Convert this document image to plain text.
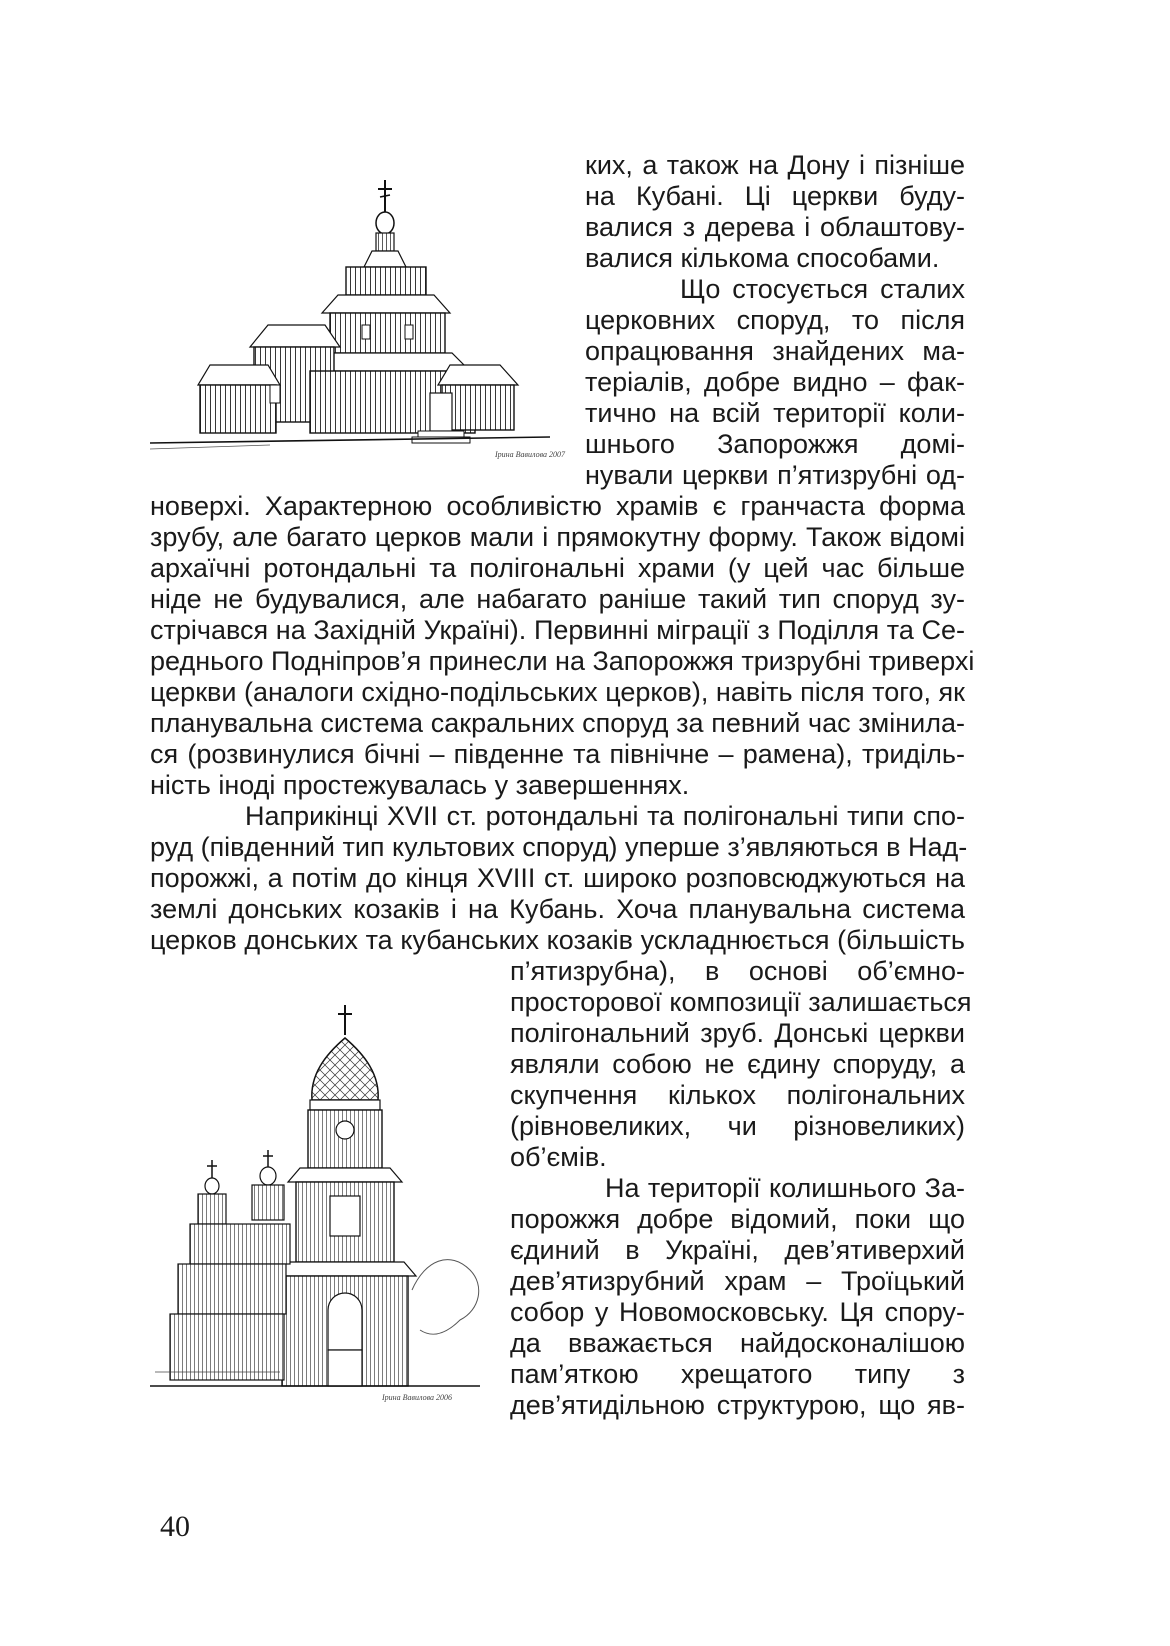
Ірина Вавилова 2007
Ірина Вавилова 2006
ких, а також на Дону і пізніше
на Кубані. Ці церкви буду-
валися з дерева і облаштову-
валися кількома способами.
Що стосується сталих
церковних споруд, то після
опрацювання знайдених ма-
теріалів, добре видно – фак-
тично на всій території коли-
шнього Запорожжя домі-
нували церкви п’ятизрубні од-
новерхі. Характерною особливістю храмів є гранчаста форма
зрубу, але багато церков мали і прямокутну форму. Також відомі
архаїчні ротондальні та полігональні храми (у цей час більше
ніде не будувалися, але набагато раніше такий тип споруд зу-
стрічався на Західній Україні). Первинні міграції з Поділля та Се-
реднього Подніпров’я принесли на Запорожжя тризрубні триверхі
церкви (аналоги східно-подільських церков), навіть після того, як
планувальна система сакральних споруд за певний час змінила-
ся (розвинулися бічні – південне та північне – рамена), триділь-
ність іноді простежувалась у завершеннях.
Наприкінці XVII ст. ротондальні та полігональні типи спо-
руд (південний тип культових споруд) уперше з’являються в Над-
порожжі, а потім до кінця XVIII ст. широко розповсюджуються на
землі донських козаків і на Кубань. Хоча планувальна система
церков донських та кубанських козаків ускладнюється (більшість
п’ятизрубна), в основі об’ємно-
просторової композиції залишається
полігональний зруб. Донські церкви
являли собою не єдину споруду, а
скупчення кількох полігональних
(рівновеликих, чи різновеликих)
об’ємів.
На території колишнього За-
порожжя добре відомий, поки що
єдиний в Україні, дев’ятиверхий
дев’ятизрубний храм – Троїцький
собор у Новомосковську. Ця спору-
да вважається найдосконалішою
пам’яткою хрещатого типу з
дев’ятидільною структурою, що яв-
40
